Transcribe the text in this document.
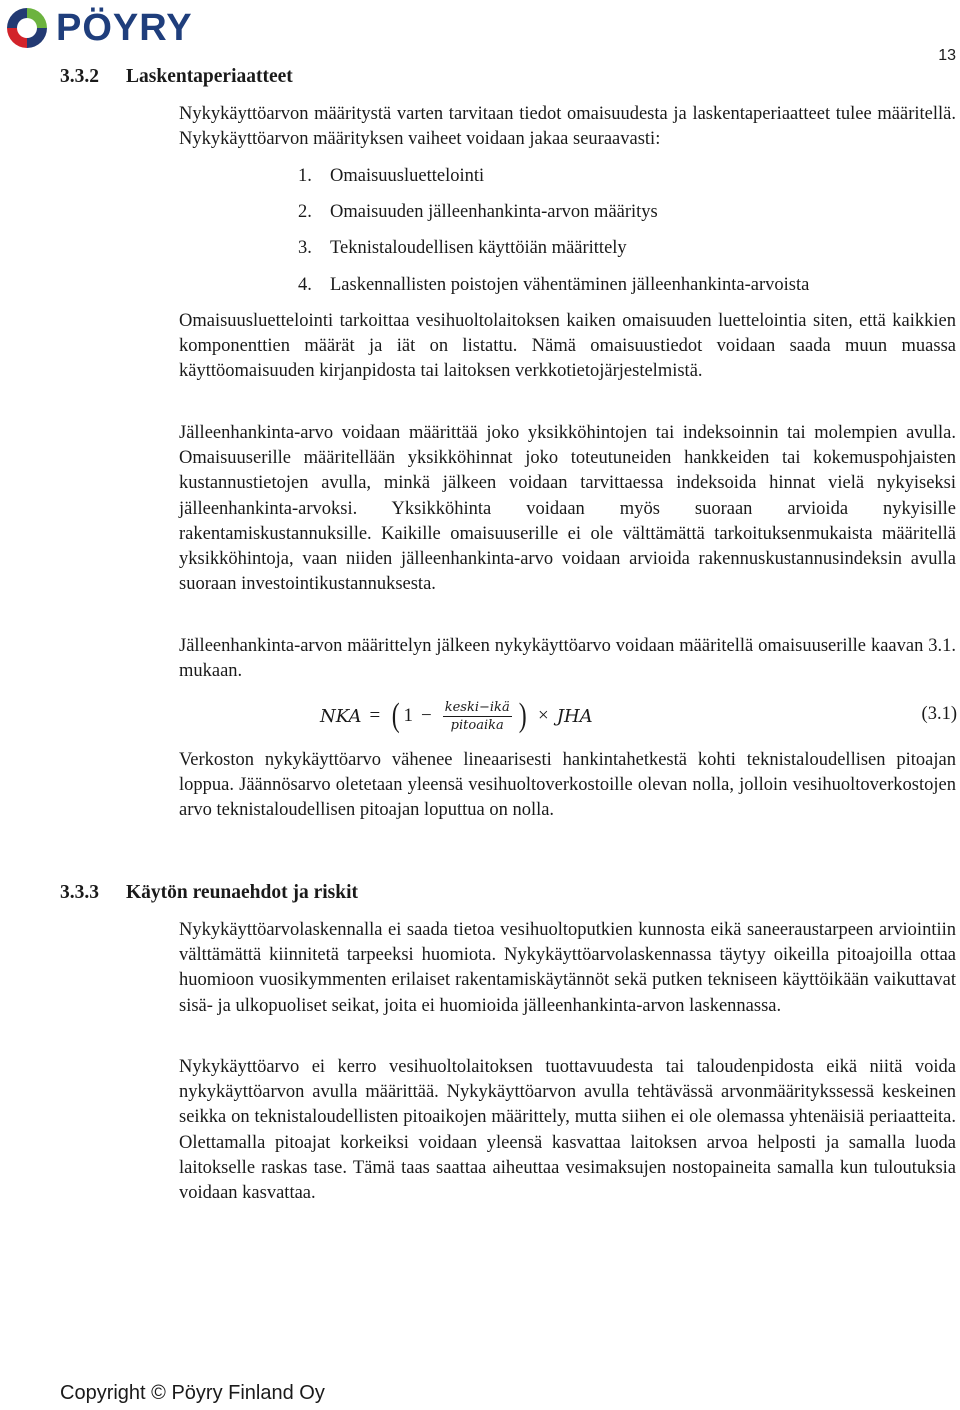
PÖYRY
13
3.3.2 Laskentaperiaatteet

Nykykäyttöarvon määritystä varten tarvitaan tiedot omaisuudesta ja laskentaperiaatteet tulee määritellä. Nykykäyttöarvon määrityksen vaiheet voidaan jakaa seuraavasti:

1. Omaisuusluettelointi
2. Omaisuuden jälleenhankinta-arvon määritys
3. Teknistaloudellisen käyttöiän määrittely
4. Laskennallisten poistojen vähentäminen jälleenhankinta-arvoista

Omaisuusluettelointi tarkoittaa vesihuoltolaitoksen kaiken omaisuuden luettelointia siten, että kaikkien komponenttien määrät ja iät on listattu. Nämä omaisuustiedot voidaan saada muun muassa käyttöomaisuuden kirjanpidosta tai laitoksen verkkotietojärjestelmistä.

Jälleenhankinta-arvo voidaan määrittää joko yksikköhintojen tai indeksoinnin tai molempien avulla. Omaisuuserille määritellään yksikköhinnat joko toteutuneiden hankkeiden tai kokemuspohjaisten kustannustietojen avulla, minkä jälkeen voidaan tarvittaessa indeksoida hinnat vielä nykyiseksi jälleenhankinta-arvoksi. Yksikköhinta voidaan myös suoraan arvioida nykyisille rakentamiskustannuksille. Kaikille omaisuuserille ei ole välttämättä tarkoituksenmukaista määritellä yksikköhintoja, vaan niiden jälleenhankinta-arvo voidaan arvioida rakennuskustannusindeksin avulla suoraan investointikustannuksesta.

Jälleenhankinta-arvon määrittelyn jälkeen nykykäyttöarvo voidaan määritellä omaisuuserille kaavan 3.1. mukaan.

NKA = ( $1 - \frac{\text{keski−ikä}}{\text{pitoaika}}$ ) × JHA	(3.1)

Verkoston nykykäyttöarvo vähenee lineaarisesti hankintahetkestä kohti teknistaloudellisen pitoajan loppua. Jäännösarvo oletetaan yleensä vesihuoltoverkostoille olevan nolla, jolloin vesihuoltoverkostojen arvo teknistaloudellisen pitoajan loputtua on nolla.

3.3.3 Käytön reunaehdot ja riskit

Nykykäyttöarvolaskennalla ei saada tietoa vesihuoltoputkien kunnosta eikä saneeraustarpeen arviointiin välttämättä kiinnitetä tarpeeksi huomiota. Nykykäyttöarvolaskennassa täytyy oikeilla pitoajoilla ottaa huomioon vuosikymmenten erilaiset rakentamiskäytännöt sekä putken tekniseen käyttöikään vaikuttavat sisä- ja ulkopuoliset seikat, joita ei huomioida jälleenhankinta-arvon laskennassa.

Nykykäyttöarvo ei kerro vesihuoltolaitoksen tuottavuudesta tai taloudenpidosta eikä niitä voida nykykäyttöarvon avulla määrittää. Nykykäyttöarvon avulla tehtävässä arvonmääritykssessä keskeinen seikka on teknistaloudellisten pitoaikojen määrittely, mutta siihen ei ole olemassa yhtenäisiä periaatteita. Olettamalla pitoajat korkeiksi voidaan yleensä kasvattaa laitoksen arvoa helposti ja samalla luoda laitokselle raskas tase. Tämä taas saattaa aiheuttaa vesimaksujen nostopaineita samalla kun tuloutuksia voidaan kasvattaa.

Copyright © Pöyry Finland Oy
